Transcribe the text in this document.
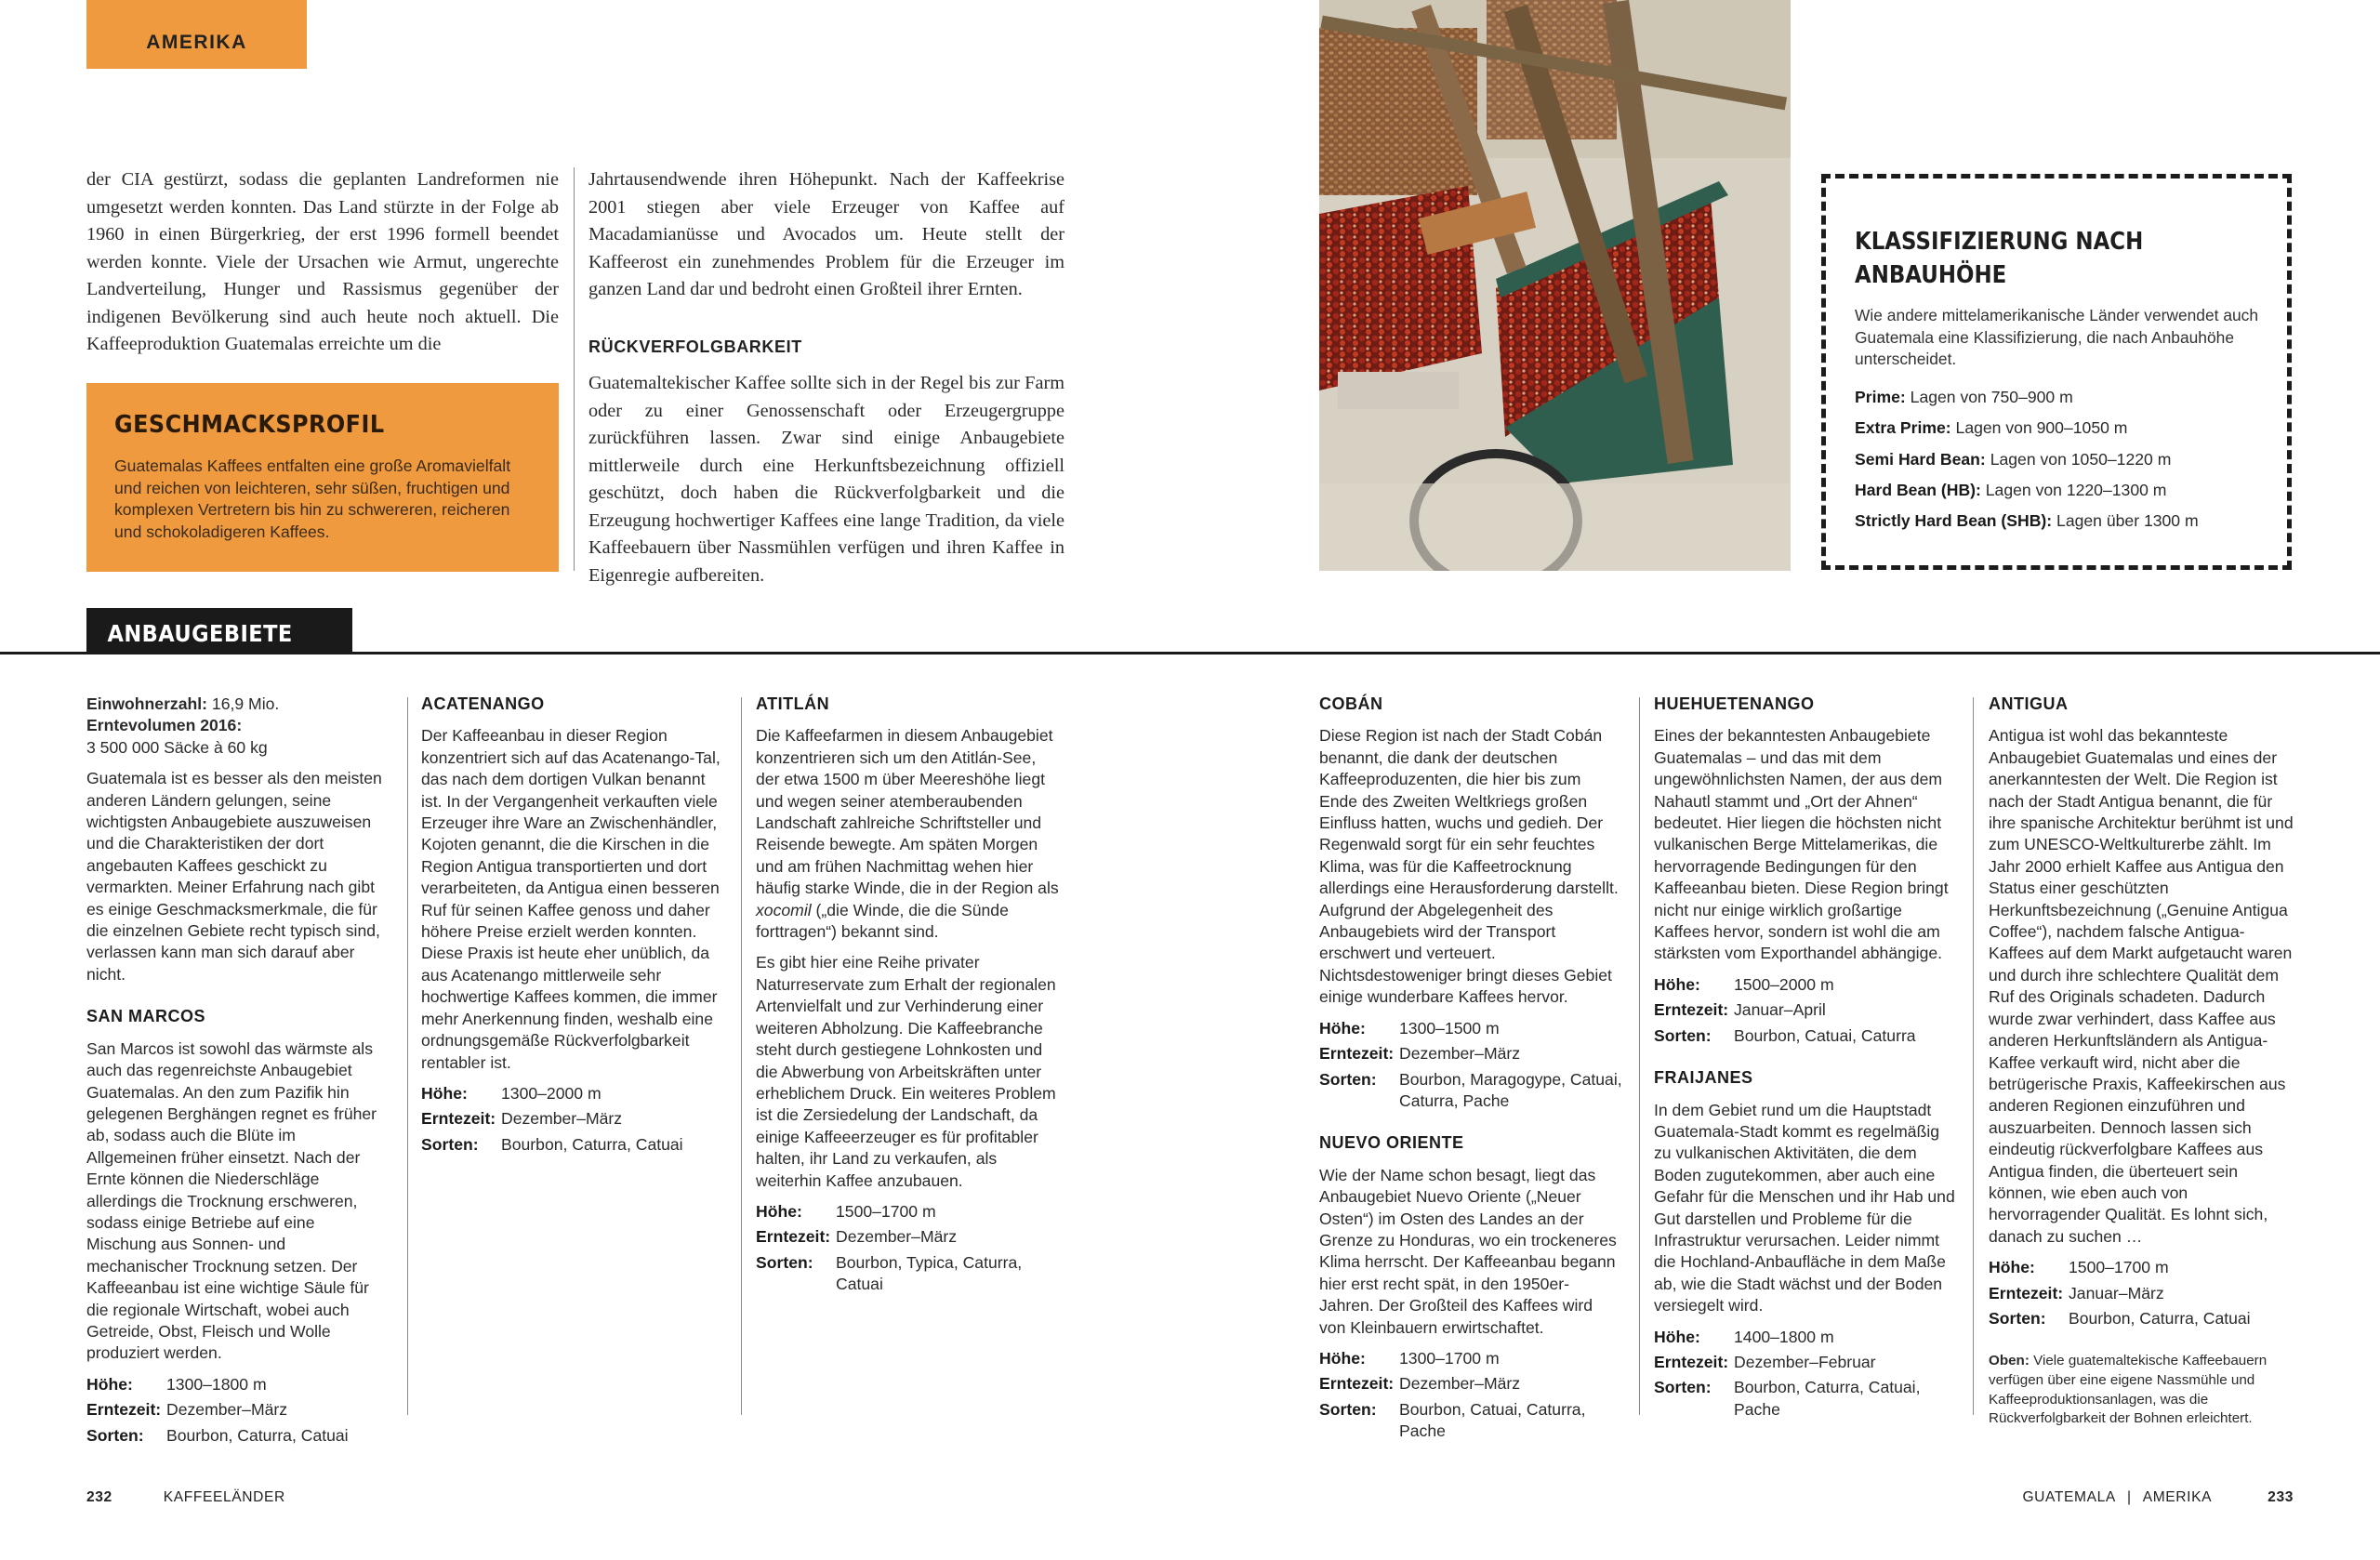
AMERIKA

der CIA gestürzt, sodass die geplanten Landreformen nie umgesetzt werden konnten. Das Land stürzte in der Folge ab 1960 in einen Bürgerkrieg, der erst 1996 formell beendet werden konnte. Viele der Ursachen wie Armut, ungerechte Landverteilung, Hunger und Rassismus gegenüber der indigenen Bevölkerung sind auch heute noch aktuell. Die Kaffeeproduktion Guatemalas erreichte um die

Jahrtausendwende ihren Höhepunkt. Nach der Kaffeekrise 2001 stiegen aber viele Erzeuger von Kaffee auf Macadamianüsse und Avocados um. Heute stellt der Kaffeerost ein zunehmendes Problem für die Erzeuger im ganzen Land dar und bedroht einen Großteil ihrer Ernten.

RÜCKVERFOLGBARKEIT

Guatemaltekischer Kaffee sollte sich in der Regel bis zur Farm oder zu einer Genossenschaft oder Erzeugergruppe zurückführen lassen. Zwar sind einige Anbaugebiete mittlerweile durch eine Herkunftsbezeichnung offiziell geschützt, doch haben die Rückverfolgbarkeit und die Erzeugung hochwertiger Kaffees eine lange Tradition, da viele Kaffeebauern über Nassmühlen verfügen und ihren Kaffee in Eigenregie aufbereiten.

GESCHMACKSPROFIL

Guatemalas Kaffees entfalten eine große Aromavielfalt und reichen von leichteren, sehr süßen, fruchtigen und komplexen Vertretern bis hin zu schwereren, reicheren und schokoladigeren Kaffees.

KLASSIFIZIERUNG NACH
ANBAUHÖHE
Wie andere mittelamerikanische Länder verwendet auch Guatemala eine Klassifizierung, die nach Anbauhöhe unterscheidet.
Prime: Lagen von 750–900 m
Extra Prime: Lagen von 900–1050 m
Semi Hard Bean: Lagen von 1050–1220 m
Hard Bean (HB): Lagen von 1220–1300 m
Strictly Hard Bean (SHB): Lagen über 1300 m
ANBAUGEBIETE

Einwohnerzahl: 16,9 Mio.

Erntevolumen 2016:

3 500 000 Säcke à 60 kg

Guatemala ist es besser als den meisten anderen Ländern gelungen, seine wichtigsten Anbaugebiete auszuweisen und die Charakteristiken der dort angebauten Kaffees geschickt zu vermarkten. Meiner Erfahrung nach gibt es einige Geschmacksmerkmale, die für die einzelnen Gebiete recht typisch sind, verlassen kann man sich darauf aber nicht.

SAN MARCOS

San Marcos ist sowohl das wärmste als auch das regenreichste Anbaugebiet Guatemalas. An den zum Pazifik hin gelegenen Berghängen regnet es früher ab, sodass auch die Blüte im Allgemeinen früher einsetzt. Nach der Ernte können die Niederschläge allerdings die Trocknung erschweren, sodass einige Betriebe auf eine Mischung aus Sonnen- und mechanischer Trocknung setzen. Der Kaffeeanbau ist eine wichtige Säule für die regionale Wirtschaft, wobei auch Getreide, Obst, Fleisch und Wolle produziert werden.

Höhe:	1300–1800 m
Erntezeit: Dezember–März
Sorten:	Bourbon, Caturra, Catuai
ACATENANGO

Der Kaffeeanbau in dieser Region konzentriert sich auf das Acatenango-Tal, das nach dem dortigen Vulkan benannt ist. In der Vergangenheit verkauften viele Erzeuger ihre Ware an Zwischenhändler, Kojoten genannt, die die Kirschen in die Region Antigua transportierten und dort verarbeiteten, da Antigua einen besseren Ruf für seinen Kaffee genoss und daher höhere Preise erzielt werden konnten. Diese Praxis ist heute eher unüblich, da aus Acatenango mittlerweile sehr hochwertige Kaffees kommen, die immer mehr Anerkennung finden, weshalb eine ordnungsgemäße Rückverfolgbarkeit rentabler ist.

Höhe:	1300–2000 m
Erntezeit: Dezember–März
Sorten:	Bourbon, Caturra, Catuai
ATITLÁN

Die Kaffeefarmen in diesem Anbaugebiet konzentrieren sich um den Atitlán-See, der etwa 1500 m über Meereshöhe liegt und wegen seiner atemberaubenden Landschaft zahlreiche Schriftsteller und Reisende bewegte. Am späten Morgen und am frühen Nachmittag wehen hier häufig starke Winde, die in der Region als xocomil („die Winde, die die Sünde forttragen“) bekannt sind.

Es gibt hier eine Reihe privater Naturreservate zum Erhalt der regionalen Artenvielfalt und zur Verhinderung einer weiteren Abholzung. Die Kaffeebranche steht durch gestiegene Lohnkosten und die Abwerbung von Arbeitskräften unter erheblichem Druck. Ein weiteres Problem ist die Zersiedelung der Landschaft, da einige Kaffeeerzeuger es für profitabler halten, ihr Land zu verkaufen, als weiterhin Kaffee anzubauen.

Höhe:	1500–1700 m
Erntezeit: Dezember–März
Sorten:	Bourbon, Typica, Caturra, Catuai
COBÁN

Diese Region ist nach der Stadt Cobán benannt, die dank der deutschen Kaffeeproduzenten, die hier bis zum Ende des Zweiten Weltkriegs großen Einfluss hatten, wuchs und gedieh. Der Regenwald sorgt für ein sehr feuchtes Klima, was für die Kaffeetrocknung allerdings eine Herausforderung darstellt. Aufgrund der Abgelegenheit des Anbaugebiets wird der Transport erschwert und verteuert. Nichtsdestoweniger bringt dieses Gebiet einige wunderbare Kaffees hervor.

Höhe:	1300–1500 m
Erntezeit: Dezember–März
Sorten:	Bourbon, Maragogype, Catuai, Caturra, Pache
NUEVO ORIENTE

Wie der Name schon besagt, liegt das Anbaugebiet Nuevo Oriente („Neuer Osten“) im Osten des Landes an der Grenze zu Honduras, wo ein trockeneres Klima herrscht. Der Kaffeeanbau begann hier erst recht spät, in den 1950er-Jahren. Der Großteil des Kaffees wird von Kleinbauern erwirtschaftet.

Höhe:	1300–1700 m
Erntezeit: Dezember–März
Sorten:	Bourbon, Catuai, Caturra, Pache
HUEHUETENANGO

Eines der bekanntesten Anbaugebiete Guatemalas – und das mit dem ungewöhnlichsten Namen, der aus dem Nahautl stammt und „Ort der Ahnen“ bedeutet. Hier liegen die höchsten nicht vulkanischen Berge Mittelamerikas, die hervorragende Bedingungen für den Kaffeeanbau bieten. Diese Region bringt nicht nur einige wirklich großartige Kaffees hervor, sondern ist wohl die am stärksten vom Exporthandel abhängige.

Höhe:	1500–2000 m
Erntezeit: Januar–April
Sorten:	Bourbon, Catuai, Caturra
FRAIJANES

In dem Gebiet rund um die Hauptstadt Guatemala-Stadt kommt es regelmäßig zu vulkanischen Aktivitäten, die dem Boden zugutekommen, aber auch eine Gefahr für die Menschen und ihr Hab und Gut darstellen und Probleme für die Infrastruktur verursachen. Leider nimmt die Hochland-Anbaufläche in dem Maße ab, wie die Stadt wächst und der Boden versiegelt wird.

Höhe:	1400–1800 m
Erntezeit: Dezember–Februar
Sorten:	Bourbon, Caturra, Catuai, Pache
ANTIGUA

Antigua ist wohl das bekannteste Anbaugebiet Guatemalas und eines der anerkanntesten der Welt. Die Region ist nach der Stadt Antigua benannt, die für ihre spanische Architektur berühmt ist und zum UNESCO-Weltkulturerbe zählt. Im Jahr 2000 erhielt Kaffee aus Antigua den Status einer geschützten Herkunftsbezeichnung („Genuine Antigua Coffee“), nachdem falsche Antigua-Kaffees auf dem Markt aufgetaucht waren und durch ihre schlechtere Qualität dem Ruf des Originals schadeten. Dadurch wurde zwar verhindert, dass Kaffee aus anderen Herkunftsländern als Antigua-Kaffee verkauft wird, nicht aber die betrügerische Praxis, Kaffeekirschen aus anderen Regionen einzuführen und auszuarbeiten. Dennoch lassen sich eindeutig rückverfolgbare Kaffees aus Antigua finden, die überteuert sein können, wie eben auch von hervorragender Qualität. Es lohnt sich, danach zu suchen …

Höhe:	1500–1700 m
Erntezeit: Januar–März
Sorten:	Bourbon, Caturra, Catuai
Oben: Viele guatemaltekische Kaffeebauern verfügen über eine eigene Nassmühle und Kaffeeproduktionsanlagen, was die Rückverfolgbarkeit der Bohnen erleichtert.
232	KAFFEELÄNDER	GUATEMALA | AMERIKA	233
